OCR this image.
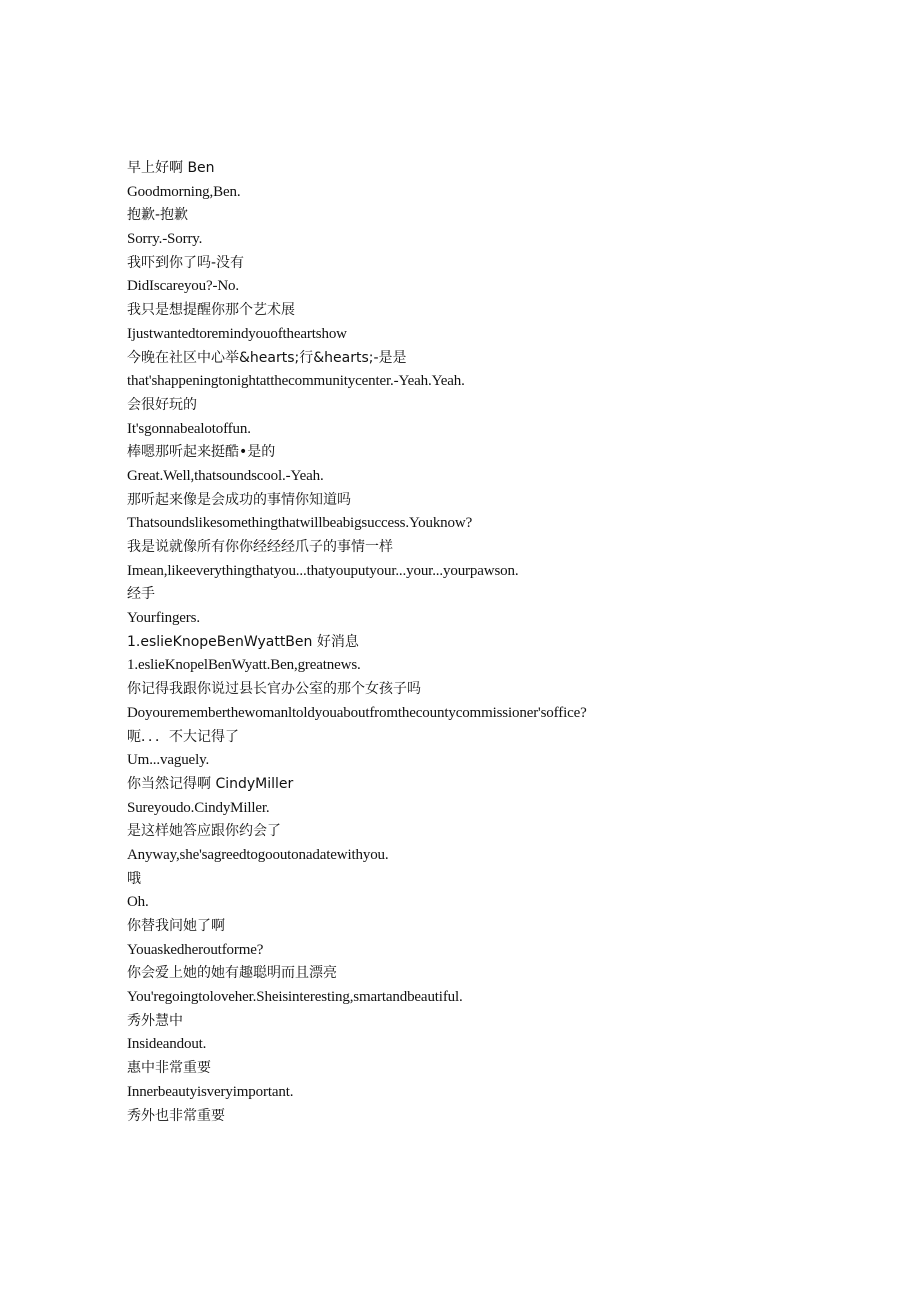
早上好啊 Ben
Goodmorning,Ben.
抱歉-抱歉
Sorry.-Sorry.
我吓到你了吗-没有
DidIscareyou?-No.
我只是想提醒你那个艺术展
Ijustwantedtoremindyouoftheartshow
今晚在社区中心举&hearts;行&hearts;-是是
that'shappeningtonightatthecommunitycenter.-Yeah.Yeah.
会很好玩的
It'sgonnabealotoffun.
棒嗯那听起来挺酷•是的
Great.Well,thatsoundscool.-Yeah.
那听起来像是会成功的事情你知道吗
Thatsoundslikesomethingthatwillbeabigsuccess.Youknow?
我是说就像所有你你经经经爪子的事情一样
Imean,likeeverythingthatyou...thatyouputyour...your...yourpawson.
经手
Yourfingers.
1.eslieKnopeBenWyattBen 好消息
1.eslieKnopelBenWyatt.Ben,greatnews.
你记得我跟你说过县长官办公室的那个女孩子吗
Doyourememberthewomanltoldyouaboutfromthecountycommissioner'soffice?
呃．．．不大记得了
Um...vaguely.
你当然记得啊 CindyMiller
Sureyoudo.CindyMiller.
是这样她答应跟你约会了
Anyway,she'sagreedtogooutonadatewithyou.
哦
Oh.
你替我问她了啊
Youaskedheroutforme?
你会爱上她的她有趣聪明而且漂亮
You'regoingtoloveher.Sheisinteresting,smartandbeautiful.
秀外慧中
Insideandout.
惠中非常重要
Innerbeautyisveryimportant.
秀外也非常重要
